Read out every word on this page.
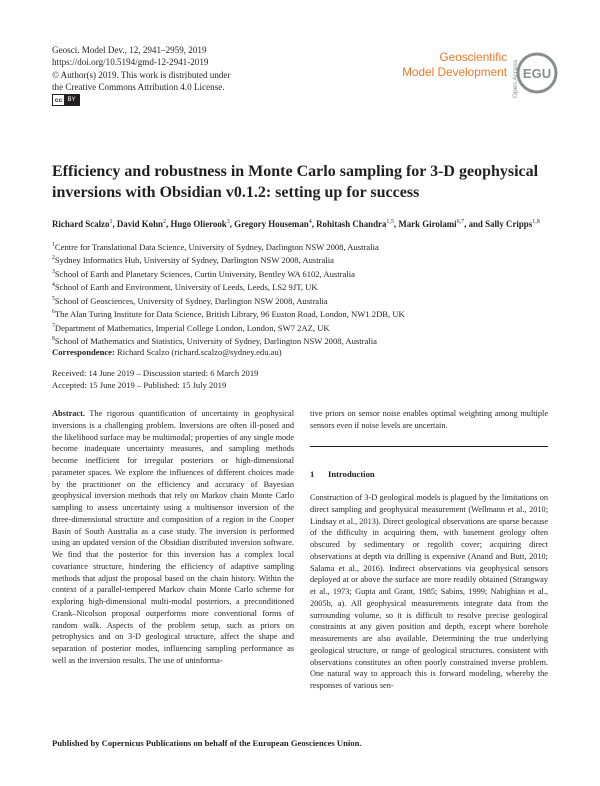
Geosci. Model Dev., 12, 2941–2959, 2019
https://doi.org/10.5194/gmd-12-2941-2019
© Author(s) 2019. This work is distributed under
the Creative Commons Attribution 4.0 License.
cc BY
Geoscientific
Model Development Open Access EGU
Efficiency and robustness in Monte Carlo sampling for 3-D geophysical inversions with Obsidian v0.1.2: setting up for success
Richard Scalzo$^1$, David Kohn$^2$, Hugo Olierook$^3$, Gregory Houseman$^4$, Rohitash Chandra$^{1,5}$, Mark Girolami$^{6,7}$, and Sally Cripps$^{1,8}$
$^1$Centre for Translational Data Science, University of Sydney, Darlington NSW 2008, Australia
$^2$Sydney Informatics Hub, University of Sydney, Darlington NSW 2008, Australia
$^3$School of Earth and Planetary Sciences, Curtin University, Bentley WA 6102, Australia
$^4$School of Earth and Environment, University of Leeds, Leeds, LS2 9JT, UK
$^5$School of Geosciences, University of Sydney, Darlington NSW 2008, Australia
$^6$The Alan Turing Institute for Data Science, British Library, 96 Euston Road, London, NW1 2DB, UK
$^7$Department of Mathematics, Imperial College London, London, SW7 2AZ, UK
$^8$School of Mathematics and Statistics, University of Sydney, Darlington NSW 2008, Australia
Correspondence: Richard Scalzo (richard.scalzo@sydney.edu.au)
Received: 14 June 2019 – Discussion started: 6 March 2019
Accepted: 15 June 2019 – Published: 15 July 2019
Abstract. The rigorous quantification of uncertainty in geophysical inversions is a challenging problem. Inversions are often ill-posed and the likelihood surface may be multimodal; properties of any single mode become inadequate uncertainty measures, and sampling methods become inefficient for irregular posteriors or high-dimensional parameter spaces. We explore the influences of different choices made by the practitioner on the efficiency and accuracy of Bayesian geophysical inversion methods that rely on Markov chain Monte Carlo sampling to assess uncertainty using a multisensor inversion of the three-dimensional structure and composition of a region in the Cooper Basin of South Australia as a case study. The inversion is performed using an updated version of the Obsidian distributed inversion software. We find that the posterior for this inversion has a complex local covariance structure, hindering the efficiency of adaptive sampling methods that adjust the proposal based on the chain history. Within the context of a parallel-tempered Markov chain Monte Carlo scheme for exploring high-dimensional multi-modal posteriors, a preconditioned Crank–Nicolson proposal outperforms more conventional forms of random walk. Aspects of the problem setup, such as priors on petrophysics and on 3-D geological structure, affect the shape and separation of posterior modes, influencing sampling performance as well as the inversion results. The use of uninforma-
tive priors on sensor noise enables optimal weighting among multiple sensors even if noise levels are uncertain.
1 Introduction
Construction of 3-D geological models is plagued by the limitations on direct sampling and geophysical measurement (Wellmann et al., 2010; Lindsay et al., 2013). Direct geological observations are sparse because of the difficulty in acquiring them, with basement geology often obscured by sedimentary or regolith cover; acquiring direct observations at depth via drilling is expensive (Anand and Butt, 2010; Salama et al., 2016). Indirect observations via geophysical sensors deployed at or above the surface are more readily obtained (Strangway et al., 1973; Gupta and Grant, 1985; Sabins, 1999; Nabighian et al., 2005b, a). All geophysical measurements integrate data from the surrounding volume, so it is difficult to resolve precise geological constraints at any given position and depth, except where borehole measurements are also available. Determining the true underlying geological structure, or range of geological structures, consistent with observations constitutes an often poorly constrained inverse problem. One natural way to approach this is forward modeling, whereby the responses of various sen-
Published by Copernicus Publications on behalf of the European Geosciences Union.
